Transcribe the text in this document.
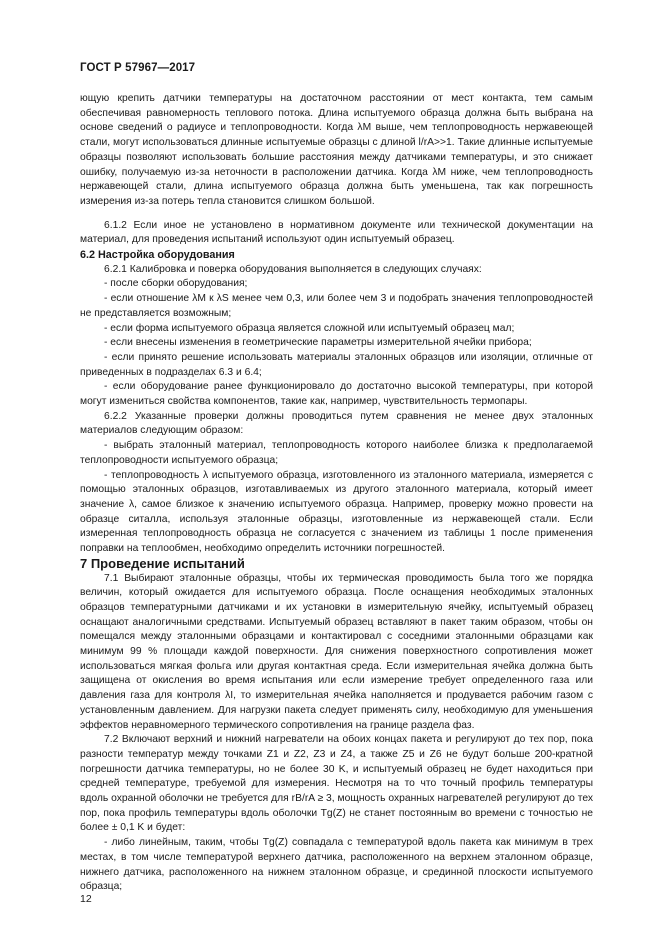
ГОСТ Р 57967—2017

ющую крепить датчики температуры на достаточном расстоянии от мест контакта, тем самым обеспечивая равномерность теплового потока. Длина испытуемого образца должна быть выбрана на основе сведений о радиусе и теплопроводности. Когда λM выше, чем теплопроводность нержавеющей стали, могут использоваться длинные испытуемые образцы с длиной l/rA>>1. Такие длинные испытуемые образцы позволяют использовать большие расстояния между датчиками температуры, и это снижает ошибку, получаемую из-за неточности в расположении датчика. Когда λM ниже, чем теплопроводность нержавеющей стали, длина испытуемого образца должна быть уменьшена, так как погрешность измерения из-за потерь тепла становится слишком большой.

6.1.2 Если иное не установлено в нормативном документе или технической документации на материал, для проведения испытаний используют один испытуемый образец.

6.2 Настройка оборудования

6.2.1 Калибровка и поверка оборудования выполняется в следующих случаях:

- после сборки оборудования;

- если отношение λM к λS менее чем 0,3, или более чем 3 и подобрать значения теплопроводностей не представляется возможным;

- если форма испытуемого образца является сложной или испытуемый образец мал;

- если внесены изменения в геометрические параметры измерительной ячейки прибора;

- если принято решение использовать материалы эталонных образцов или изоляции, отличные от приведенных в подразделах 6.3 и 6.4;

- если оборудование ранее функционировало до достаточно высокой температуры, при которой могут измениться свойства компонентов, такие как, например, чувствительность термопары.

6.2.2 Указанные проверки должны проводиться путем сравнения не менее двух эталонных материалов следующим образом:

- выбрать эталонный материал, теплопроводность которого наиболее близка к предполагаемой теплопроводности испытуемого образца;

- теплопроводность λ испытуемого образца, изготовленного из эталонного материала, измеряется с помощью эталонных образцов, изготавливаемых из другого эталонного материала, который имеет значение λ, самое близкое к значению испытуемого образца. Например, проверку можно провести на образце ситалла, используя эталонные образцы, изготовленные из нержавеющей стали. Если измеренная теплопроводность образца не согласуется с значением из таблицы 1 после применения поправки на теплообмен, необходимо определить источники погрешностей.

7 Проведение испытаний

7.1 Выбирают эталонные образцы, чтобы их термическая проводимость была того же порядка величин, который ожидается для испытуемого образца. После оснащения необходимых эталонных образцов температурными датчиками и их установки в измерительную ячейку, испытуемый образец оснащают аналогичными средствами. Испытуемый образец вставляют в пакет таким образом, чтобы он помещался между эталонными образцами и контактировал с соседними эталонными образцами как минимум 99 % площади каждой поверхности. Для снижения поверхностного сопротивления может использоваться мягкая фольга или другая контактная среда. Если измерительная ячейка должна быть защищена от окисления во время испытания или если измерение требует определенного газа или давления газа для контроля λI, то измерительная ячейка наполняется и продувается рабочим газом с установленным давлением. Для нагрузки пакета следует применять силу, необходимую для уменьшения эффектов неравномерного термического сопротивления на границе раздела фаз.

7.2 Включают верхний и нижний нагреватели на обоих концах пакета и регулируют до тех пор, пока разности температур между точками Z1 и Z2, Z3 и Z4, а также Z5 и Z6 не будут больше 200-кратной погрешности датчика температуры, но не более 30 K, и испытуемый образец не будет находиться при средней температуре, требуемой для измерения. Несмотря на то что точный профиль температуры вдоль охранной оболочки не требуется для rB/rA ≥ 3, мощность охранных нагревателей регулируют до тех пор, пока профиль температуры вдоль оболочки Tg(Z) не станет постоянным во времени с точностью не более ± 0,1 K и будет:

- либо линейным, таким, чтобы Tg(Z) совпадала с температурой вдоль пакета как минимум в трех местах, в том числе температурой верхнего датчика, расположенного на верхнем эталонном образце, нижнего датчика, расположенного на нижнем эталонном образце, и срединной плоскости испытуемого образца;

12
